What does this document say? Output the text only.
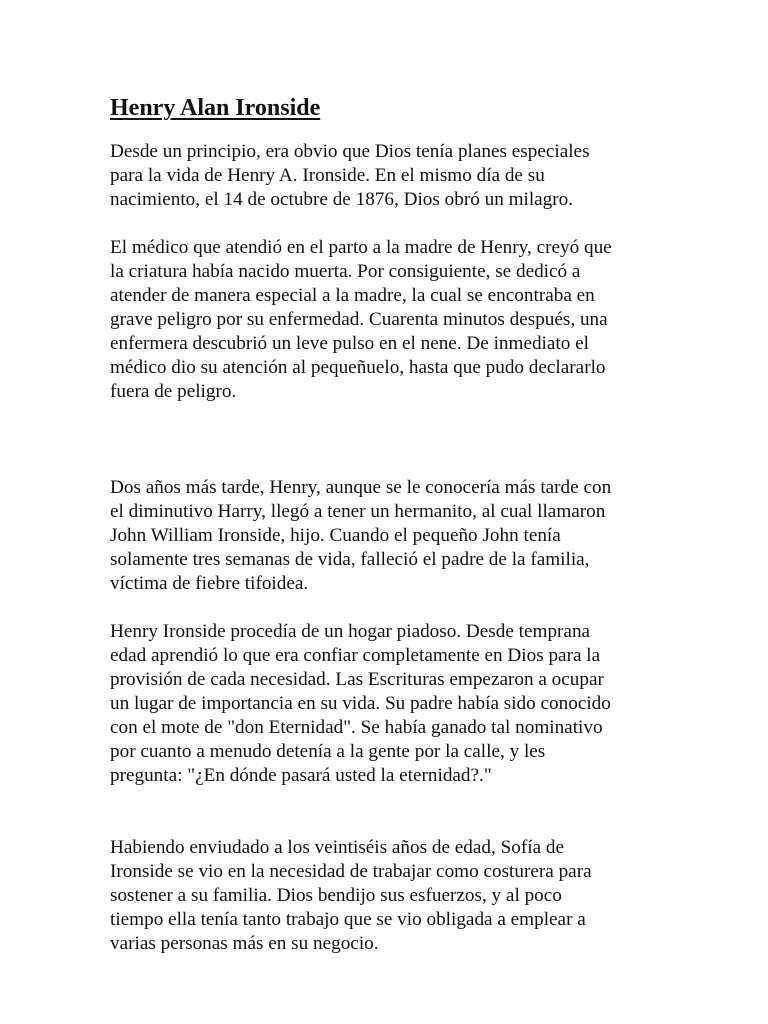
Henry Alan Ironside

Desde un principio, era obvio que Dios tenía planes especiales
para la vida de Henry A. Ironside. En el mismo día de su
nacimiento, el 14 de octubre de 1876, Dios obró un milagro.

El médico que atendió en el parto a la madre de Henry, creyó que
la criatura había nacido muerta. Por consiguiente, se dedicó a
atender de manera especial a la madre, la cual se encontraba en
grave peligro por su enfermedad. Cuarenta minutos después, una
enfermera descubrió un leve pulso en el nene. De inmediato el
médico dio su atención al pequeñuelo, hasta que pudo declararlo
fuera de peligro.

Dos años más tarde, Henry, aunque se le conocería más tarde con
el diminutivo Harry, llegó a tener un hermanito, al cual llamaron
John William Ironside, hijo. Cuando el pequeño John tenía
solamente tres semanas de vida, falleció el padre de la familia,
víctima de fiebre tifoidea.

Henry Ironside procedía de un hogar piadoso. Desde temprana
edad aprendió lo que era confiar completamente en Dios para la
provisión de cada necesidad. Las Escrituras empezaron a ocupar
un lugar de importancia en su vida. Su padre había sido conocido
con el mote de "don Eternidad". Se había ganado tal nominativo
por cuanto a menudo detenía a la gente por la calle, y les
pregunta: "¿En dónde pasará usted la eternidad?."

Habiendo enviudado a los veintiséis años de edad, Sofía de
Ironside se vio en la necesidad de trabajar como costurera para
sostener a su familia. Dios bendijo sus esfuerzos, y al poco
tiempo ella tenía tanto trabajo que se vio obligada a emplear a
varias personas más en su negocio.
